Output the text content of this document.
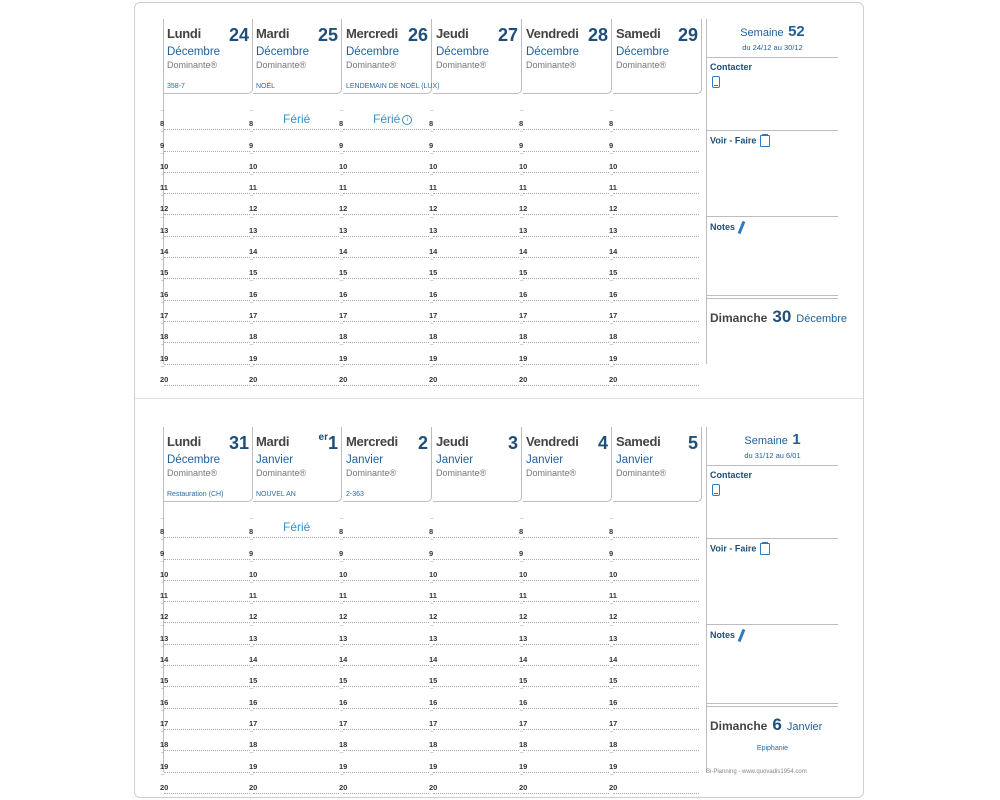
Lundi 24
Décembre
Dominante®
358-7
–
8
–
9
–
10
–
11
–
12
–
13
–
14
–
15
–
16
–
17
–
18
–
19
–
20
Mardi 25
Décembre
Dominante®
NOËL
–
8
–
9
–
10
–
11
–
12
–
13
–
14
–
15
–
16
–
17
–
18
–
19
–
20
Férié
Mercredi 26
Décembre
Dominante®
LENDEMAIN DE NOËL (LUX)
–
8
–
9
–
10
–
11
–
12
–
13
–
14
–
15
–
16
–
17
–
18
–
19
–
20
Férié i
Jeudi 27
Décembre
Dominante®
–
8
–
9
–
10
–
11
–
12
–
13
–
14
–
15
–
16
–
17
–
18
–
19
–
20
Vendredi 28
Décembre
Dominante®
–
8
–
9
–
10
–
11
–
12
–
13
–
14
–
15
–
16
–
17
–
18
–
19
–
20
Samedi 29
Décembre
Dominante®
–
8
–
9
–
10
–
11
–
12
–
13
–
14
–
15
–
16
–
17
–
18
–
19
–
20
Semaine 52
du 24/12 au 30/12
Contacter
Voir - Faire
Notes
Dimanche 30 Décembre
Lundi 31
Décembre
Dominante®
Restauration (CH)
–
8
–
9
–
10
–
11
–
12
–
13
–
14
–
15
–
16
–
17
–
18
–
19
–
20
Mardi	$^{er}$1
Janvier
Dominante®
NOUVEL AN
–
8
–
9
–
10
–
11
–
12
–
13
–
14
–
15
–
16
–
17
–
18
–
19
–
20
Férié
Mercredi 2
Janvier
Dominante®
2-363
–
8
–
9
–
10
–
11
–
12
–
13
–
14
–
15
–
16
–
17
–
18
–
19
–
20
Jeudi 3
Janvier
Dominante®
–
8
–
9
–
10
–
11
–
12
–
13
–
14
–
15
–
16
–
17
–
18
–
19
–
20
Vendredi 4
Janvier
Dominante®
–
8
–
9
–
10
–
11
–
12
–
13
–
14
–
15
–
16
–
17
–
18
–
19
–
20
Samedi 5
Janvier
Dominante®
–
8
–
9
–
10
–
11
–
12
–
13
–
14
–
15
–
16
–
17
–
18
–
19
–
20
Semaine 1
du 31/12 au 6/01
Contacter
Voir - Faire
Notes
Dimanche 6 Janvier
Epiphanie
Bi-Planning - www.quovadis1954.com
